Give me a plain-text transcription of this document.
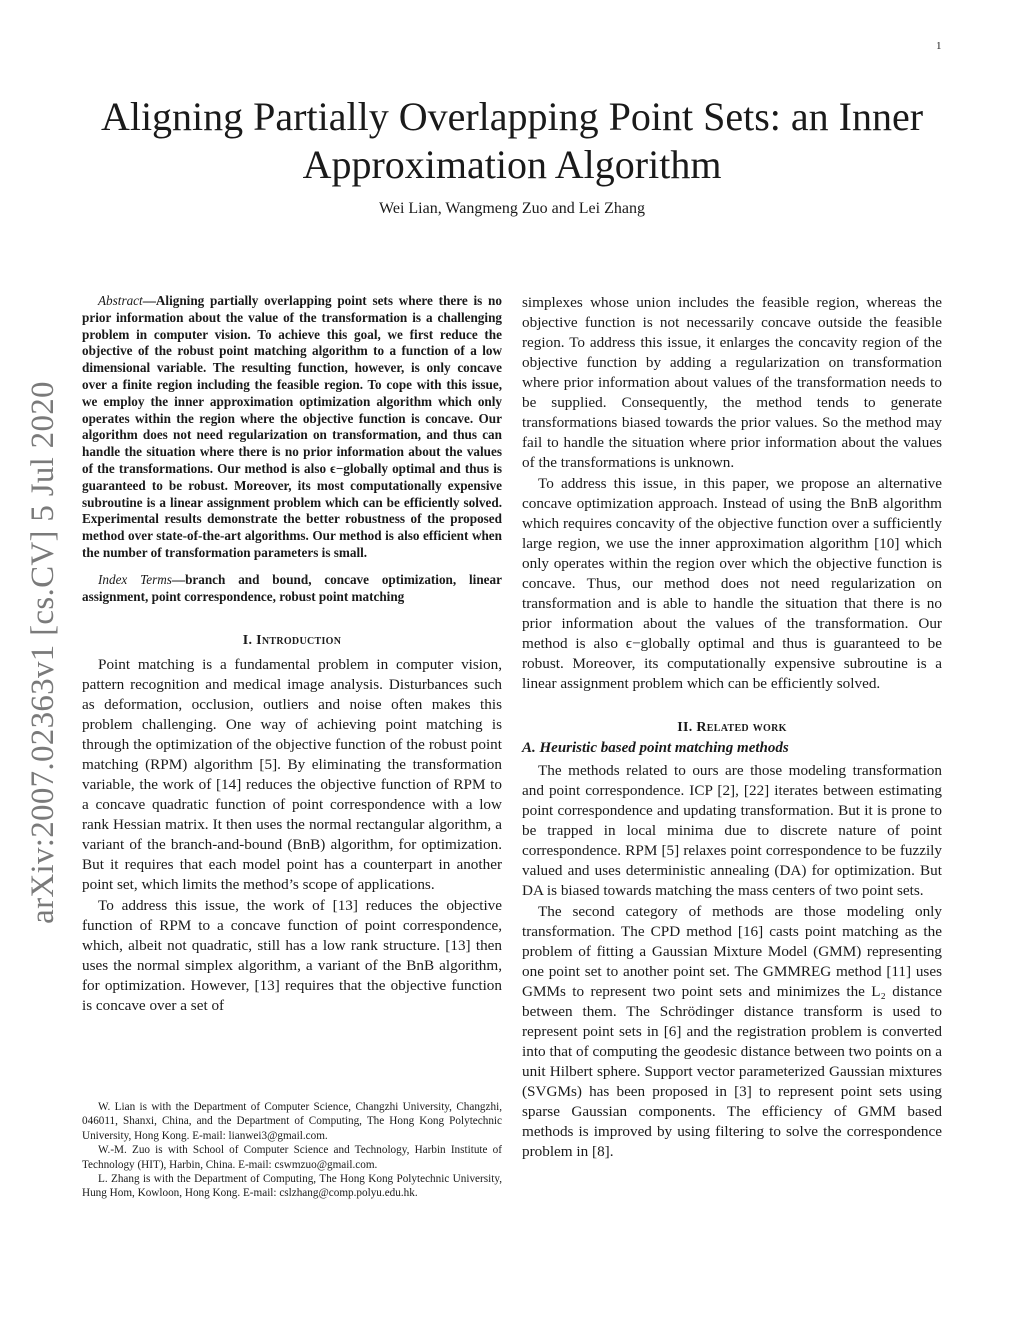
1
arXiv:2007.02363v1 [cs.CV] 5 Jul 2020
Aligning Partially Overlapping Point Sets: an Inner Approximation Algorithm
Wei Lian, Wangmeng Zuo and Lei Zhang

Abstract—Aligning partially overlapping point sets where there is no prior information about the value of the transformation is a challenging problem in computer vision. To achieve this goal, we first reduce the objective of the robust point matching algorithm to a function of a low dimensional variable. The resulting function, however, is only concave over a finite region including the feasible region. To cope with this issue, we employ the inner approximation optimization algorithm which only operates within the region where the objective function is concave. Our algorithm does not need regularization on transformation, and thus can handle the situation where there is no prior information about the values of the transformations. Our method is also ϵ−globally optimal and thus is guaranteed to be robust. Moreover, its most computationally expensive subroutine is a linear assignment problem which can be efficiently solved. Experimental results demonstrate the better robustness of the proposed method over state-of-the-art algorithms. Our method is also efficient when the number of transformation parameters is small.

Index Terms—branch and bound, concave optimization, linear assignment, point correspondence, robust point matching

I. Introduction

Point matching is a fundamental problem in computer vision, pattern recognition and medical image analysis. Disturbances such as deformation, occlusion, outliers and noise often makes this problem challenging. One way of achieving point matching is through the optimization of the objective function of the robust point matching (RPM) algorithm [5]. By eliminating the transformation variable, the work of [14] reduces the objective function of RPM to a concave quadratic function of point correspondence with a low rank Hessian matrix. It then uses the normal rectangular algorithm, a variant of the branch-and-bound (BnB) algorithm, for optimization. But it requires that each model point has a counterpart in another point set, which limits the method’s scope of applications.

To address this issue, the work of [13] reduces the objective function of RPM to a concave function of point correspondence, which, albeit not quadratic, still has a low rank structure. [13] then uses the normal simplex algorithm, a variant of the BnB algorithm, for optimization. However, [13] requires that the objective function is concave over a set of

W. Lian is with the Department of Computer Science, Changzhi University, Changzhi, 046011, Shanxi, China, and the Department of Computing, The Hong Kong Polytechnic University, Hong Kong. E-mail: lianwei3@gmail.com.

W.-M. Zuo is with School of Computer Science and Technology, Harbin Institute of Technology (HIT), Harbin, China. E-mail: cswmzuo@gmail.com.

L. Zhang is with the Department of Computing, The Hong Kong Polytechnic University, Hung Hom, Kowloon, Hong Kong. E-mail: cslzhang@comp.polyu.edu.hk.

simplexes whose union includes the feasible region, whereas the objective function is not necessarily concave outside the feasible region. To address this issue, it enlarges the concavity region of the objective function by adding a regularization on transformation where prior information about values of the transformation needs to be supplied. Consequently, the method tends to generate transformations biased towards the prior values. So the method may fail to handle the situation where prior information about the values of the transformations is unknown.

To address this issue, in this paper, we propose an alternative concave optimization approach. Instead of using the BnB algorithm which requires concavity of the objective function over a sufficiently large region, we use the inner approximation algorithm [10] which only operates within the region over which the objective function is concave. Thus, our method does not need regularization on transformation and is able to handle the situation that there is no prior information about the values of the transformation. Our method is also ϵ−globally optimal and thus is guaranteed to be robust. Moreover, its computationally expensive subroutine is a linear assignment problem which can be efficiently solved.

II. Related work
A. Heuristic based point matching methods

The methods related to ours are those modeling transformation and point correspondence. ICP [2], [22] iterates between estimating point correspondence and updating transformation. But it is prone to be trapped in local minima due to discrete nature of point correspondence. RPM [5] relaxes point correspondence to be fuzzily valued and uses deterministic annealing (DA) for optimization. But DA is biased towards matching the mass centers of two point sets.

The second category of methods are those modeling only transformation. The CPD method [16] casts point matching as the problem of fitting a Gaussian Mixture Model (GMM) representing one point set to another point set. The GMMREG method [11] uses GMMs to represent two point sets and minimizes the L₂ distance between them. The Schrödinger distance transform is used to represent point sets in [6] and the registration problem is converted into that of computing the geodesic distance between two points on a unit Hilbert sphere. Support vector parameterized Gaussian mixtures (SVGMs) has been proposed in [3] to represent point sets using sparse Gaussian components. The efficiency of GMM based methods is improved by using filtering to solve the correspondence problem in [8].
